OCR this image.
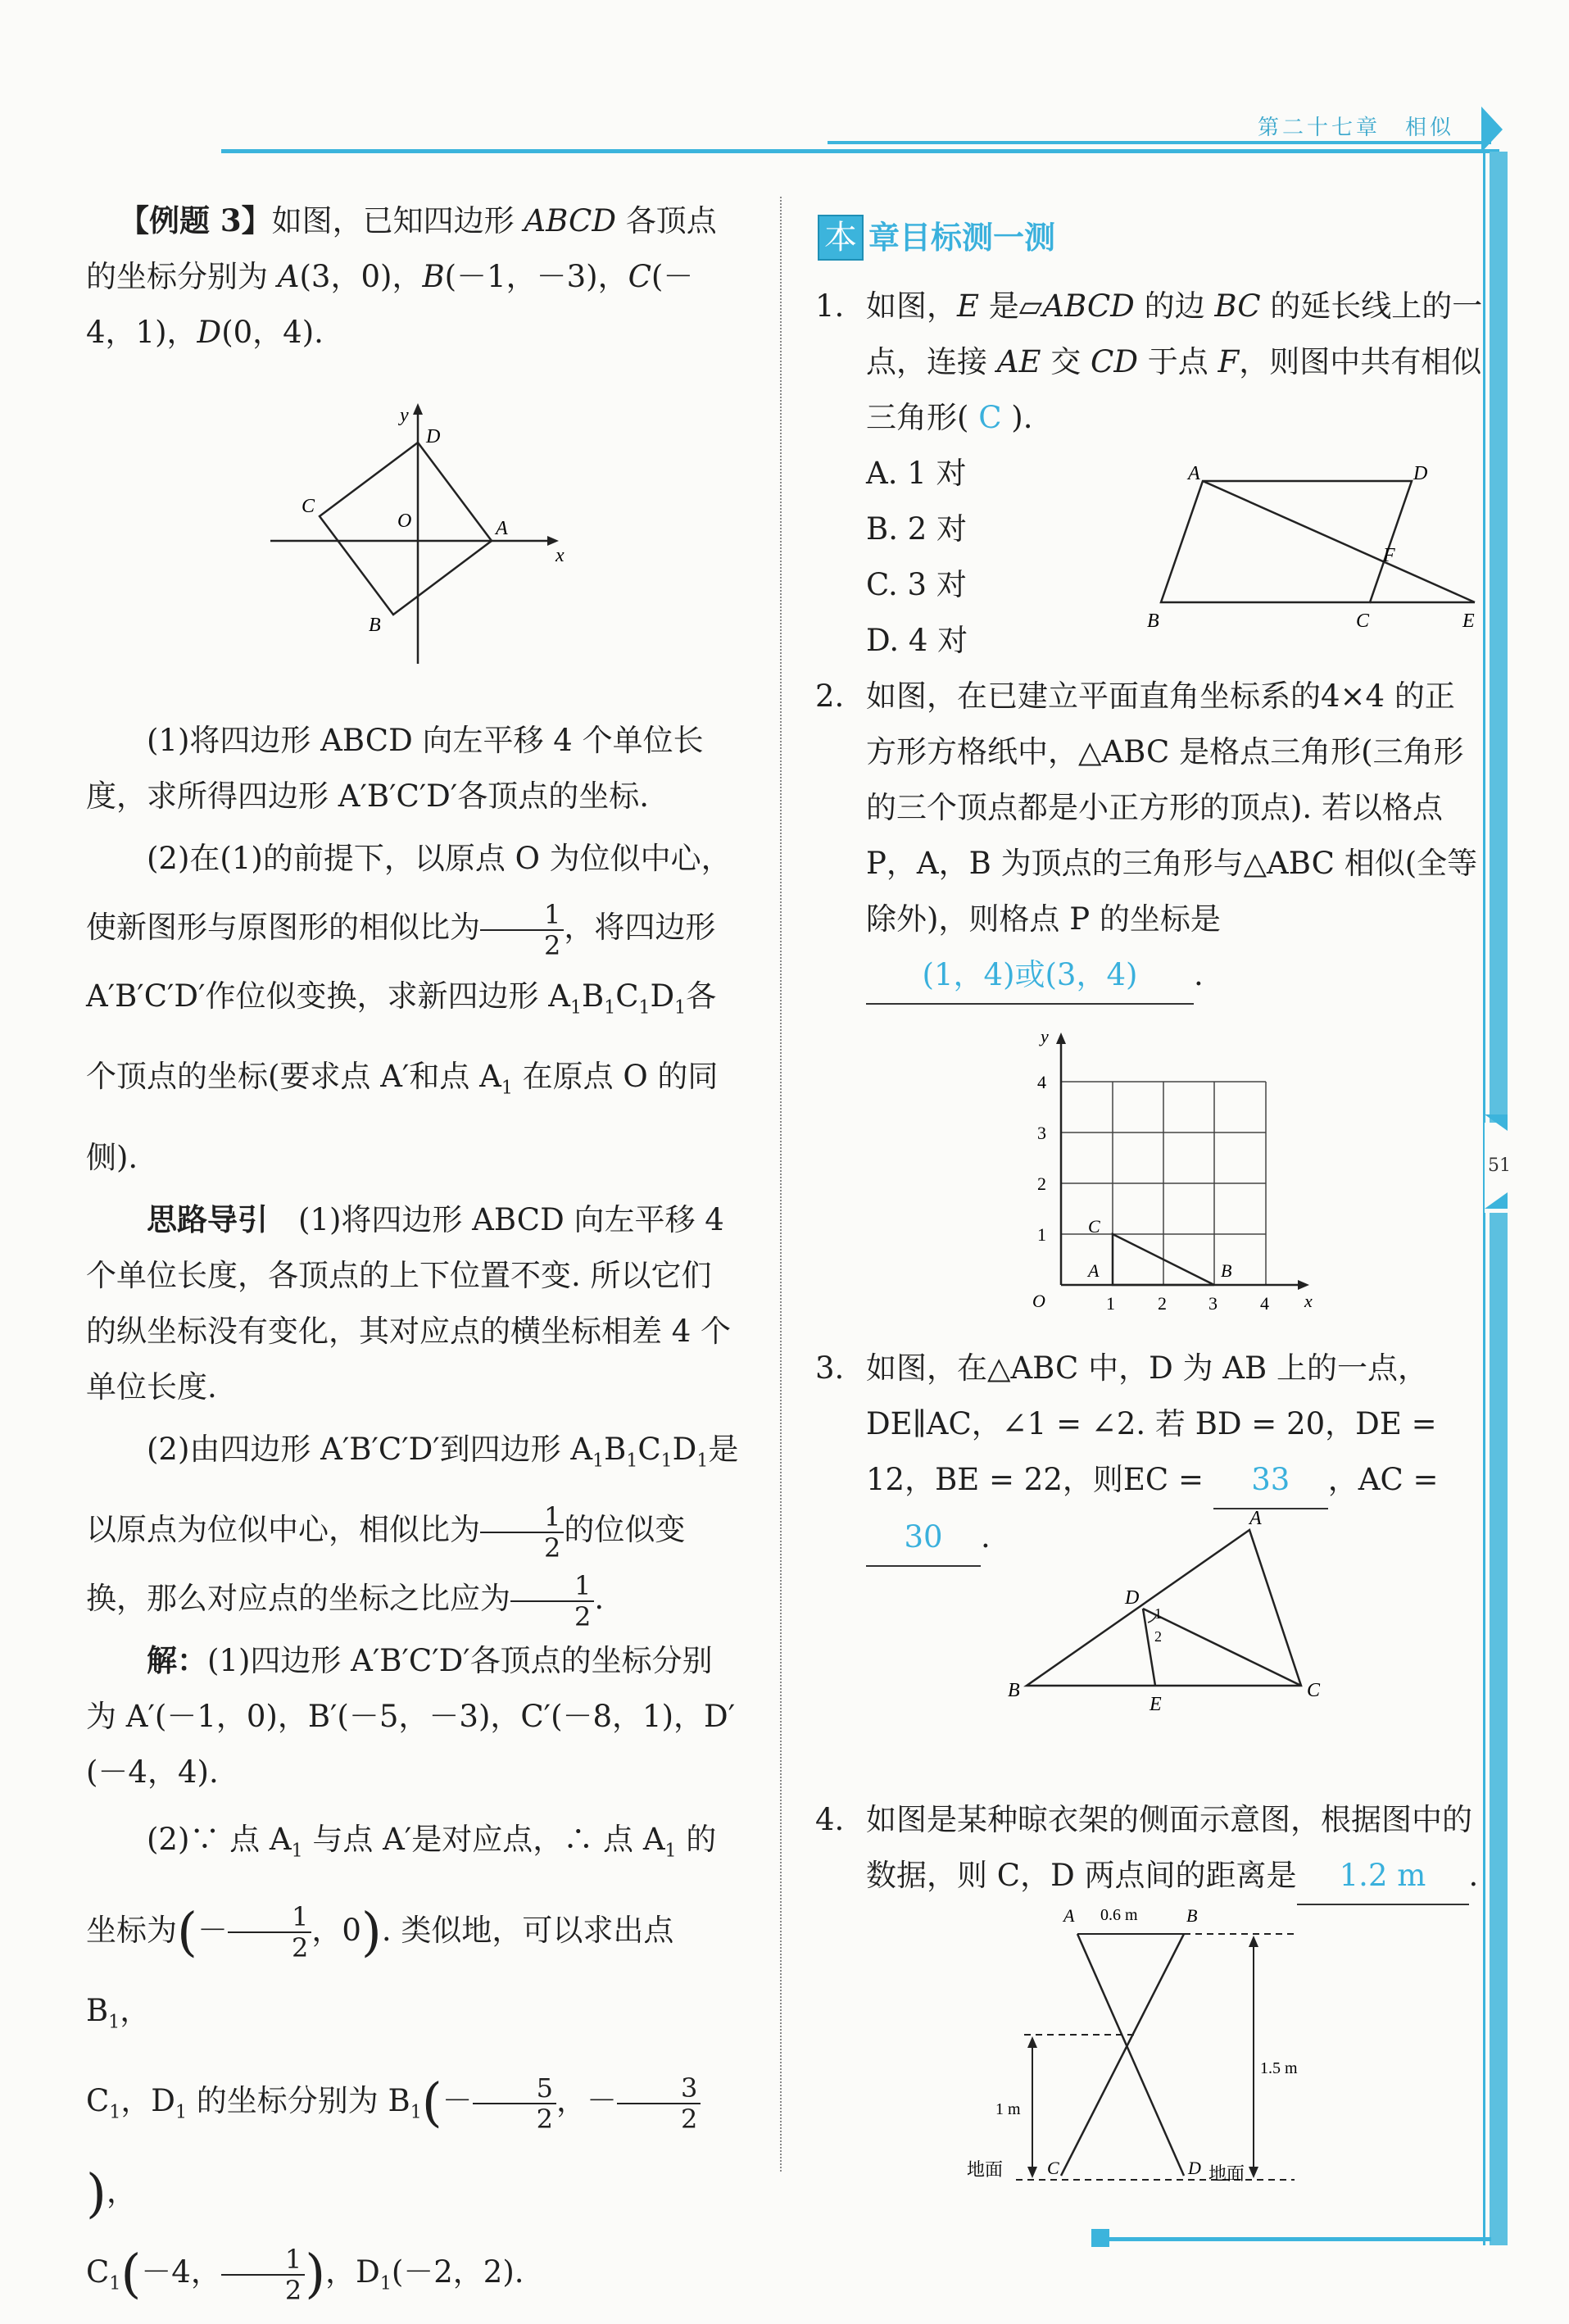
第二十七章　相似
51
【例题 3】如图，已知四边形 ABCD 各顶点的坐标分别为 A(3，0)，B(－1，－3)，C(－4，1)，D(0，4).
(1)将四边形 ABCD 向左平移 4 个单位长度，求所得四边形 A′B′C′D′各顶点的坐标.
(2)在(1)的前提下，以原点 O 为位似中心，使新图形与原图形的相似比为 $\frac{1}{2}$ ，将四边形A′B′C′D′作位似变换，求新四边形 $A_1B_1C_1D_1$各个顶点的坐标(要求点 A′和点 $A_1$ 在原点 O 的同侧).
思路导引　 (1)将四边形 ABCD 向左平移 4 个单位长度，各顶点的上下位置不变. 所以它们的纵坐标没有变化，其对应点的横坐标相差 4 个单位长度.
(2)由四边形 A′B′C′D′到四边形 $A_1B_1C_1D_1$是以原点为位似中心，相似比为 $\frac{1}{2}$ 的位似变换，那么对应点的坐标之比应为 $\frac{1}{2}$ .
解：(1)四边形 A′B′C′D′各顶点的坐标分别为 A′(－1，0)，B′(－5，－3)，C′(－8，1)，D′(－4，4).
(2)∵ 点 $A_1$ 与点 A′是对应点，∴ 点 $A_1$ 的坐标为(－ $\frac{1}{2}$ ，0). 类似地，可以求出点 $B_1$，
$C_1$，$D_1$ 的坐标分别为 $B_1(- \frac{5}{2}$ ，－ $\frac{3}{2}$
)，
$C_1(-4$， $\frac{1}{2}$ )，$D_1(-2$，2).
x
y
D
A
C
O
B
本 章目标测一测
1. 如图，E 是▱ABCD 的边 BC 的延长线上的一点，连接 AE 交 CD 于点 F，则图中共有相似三角形( C ).
A. 1 对
B. 2 对
C. 3 对
D. 4 对
2. 如图，在已建立平面直角坐标系的4×4 的正方形方格纸中，△ABC 是格点三角形(三角形的三个顶点都是小正方形的顶点). 若以格点 P，A，B 为顶点的三角形与△ABC 相似(全等除外)，则格点 P 的坐标是(1，4)或(3，4) .
3. 如图，在△ABC 中，D 为 AB 上的一点，DE∥AC，∠1 = ∠2. 若 BD = 20，DE = 12，BE = 22，则EC = 33 ，AC = 30 .
4. 如图是某种晾衣架的侧面示意图，根据图中的数据，则 C，D 两点间的距离是 1.2 m .
A	D
B	C	E
F
y
x
O	1 2 3 4
1
2
3
4
A	B
C
A
B	C
D
E
1
2
A	B
0.6 m
1.5 m
1 m
C	D
地面	地面
